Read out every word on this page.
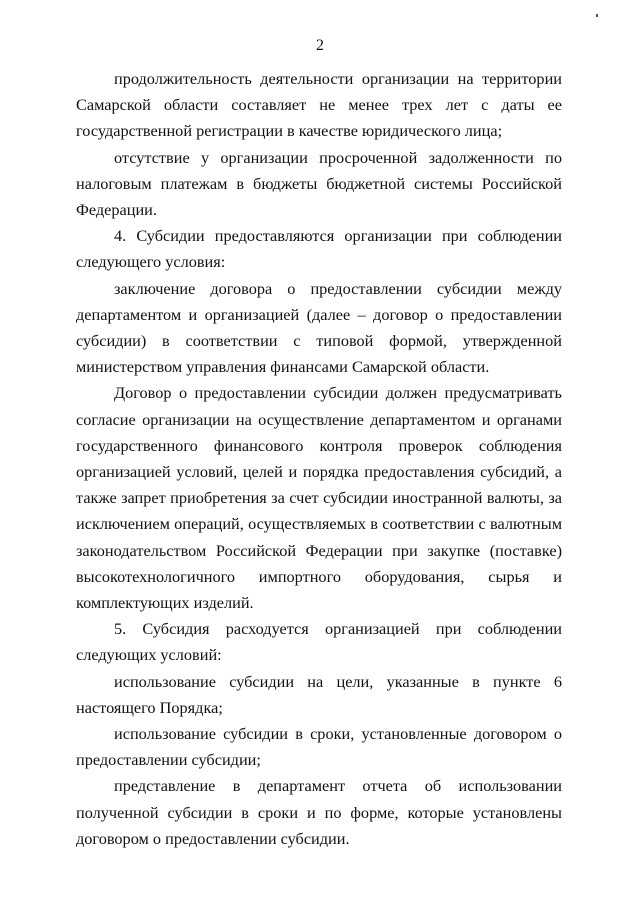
2

продолжительность деятельности организации на территории Самарской области составляет не менее трех лет с даты ее государственной регистрации в качестве юридического лица;

отсутствие у организации просроченной задолженности по налоговым платежам в бюджеты бюджетной системы Российской Федерации.

4. Субсидии предоставляются организации при соблюдении следующего условия:

заключение договора о предоставлении субсидии между департаментом и организацией (далее – договор о предоставлении субсидии) в соответствии с типовой формой, утвержденной министерством управления финансами Самарской области.

Договор о предоставлении субсидии должен предусматривать согласие организации на осуществление департаментом и органами государственного финансового контроля проверок соблюдения организацией условий, целей и порядка предоставления субсидий, а также запрет приобретения за счет субсидии иностранной валюты, за исключением операций, осуществляемых в соответствии с валютным законодательством Российской Федерации при закупке (поставке) высокотехнологичного импортного оборудования, сырья и комплектующих изделий.

5. Субсидия расходуется организацией при соблюдении следующих условий:

использование субсидии на цели, указанные в пункте 6 настоящего Порядка;

использование субсидии в сроки, установленные договором о предоставлении субсидии;

представление в департамент отчета об использовании полученной субсидии в сроки и по форме, которые установлены договором о предоставлении субсидии.
